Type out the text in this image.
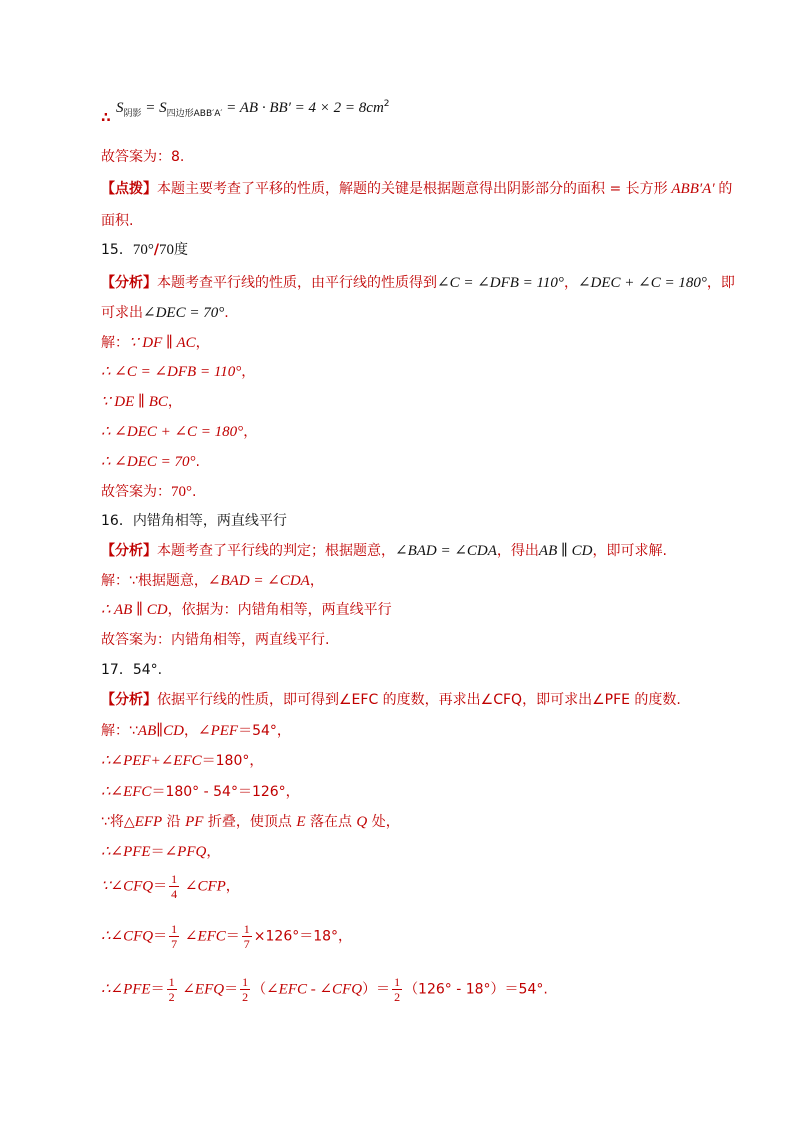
$S_{阴影} = S_{四边形ABB'A'}$ = AB · $BB' = 4 \times 2 = 8cm^2$
∴
故答案为：8.
【点拨】本题主要考查了平移的性质，解题的关键是根据题意得出阴影部分的面积 = 长方形 ABB′A′ 的
面积.
15．70°/70度
【分析】本题考查平行线的性质，由平行线的性质得到∠C = ∠DFB = 110°，∠DEC + ∠C = 180°，即
可求出∠DEC = 70°.
解：∵ DF ∥ AC，
∴ ∠C = ∠DFB = 110°，
∵ DE ∥ BC，
∴ ∠DEC + ∠C = 180°，
∴ ∠DEC = 70°.
故答案为：70°.
16．内错角相等，两直线平行
【分析】本题考查了平行线的判定；根据题意，∠BAD = ∠CDA，得出AB ∥ CD，即可求解.
解：∵根据题意，∠BAD = ∠CDA，
∴ AB ∥ CD，依据为：内错角相等，两直线平行
故答案为：内错角相等，两直线平行.
17．54°.
【分析】依据平行线的性质，即可得到∠EFC 的度数，再求出∠CFQ，即可求出∠PFE 的度数.
解：∵AB∥CD，∠PEF＝54°，
∴∠PEF+∠EFC＝180°，
∴∠EFC＝180° - 54°＝126°，
∵将△EFP 沿 PF 折叠，使顶点 E 落在点 Q 处，
∴∠PFE＝∠PFQ，
∵∠CFQ＝ $\frac{1}{4}$ ∠CFP，
∴∠CFQ＝ $\frac{1}{7}$ ∠EFC＝ $\frac{1}{7} \times 126^\circ=18^\circ$，
∴∠PFE＝ $\frac{1}{2}$ ∠EFQ＝ $\frac{1}{2}$ （∠EFC - ∠CFQ）＝ $\frac{1}{2} (126^\circ - 18^\circ)=54^\circ$.
